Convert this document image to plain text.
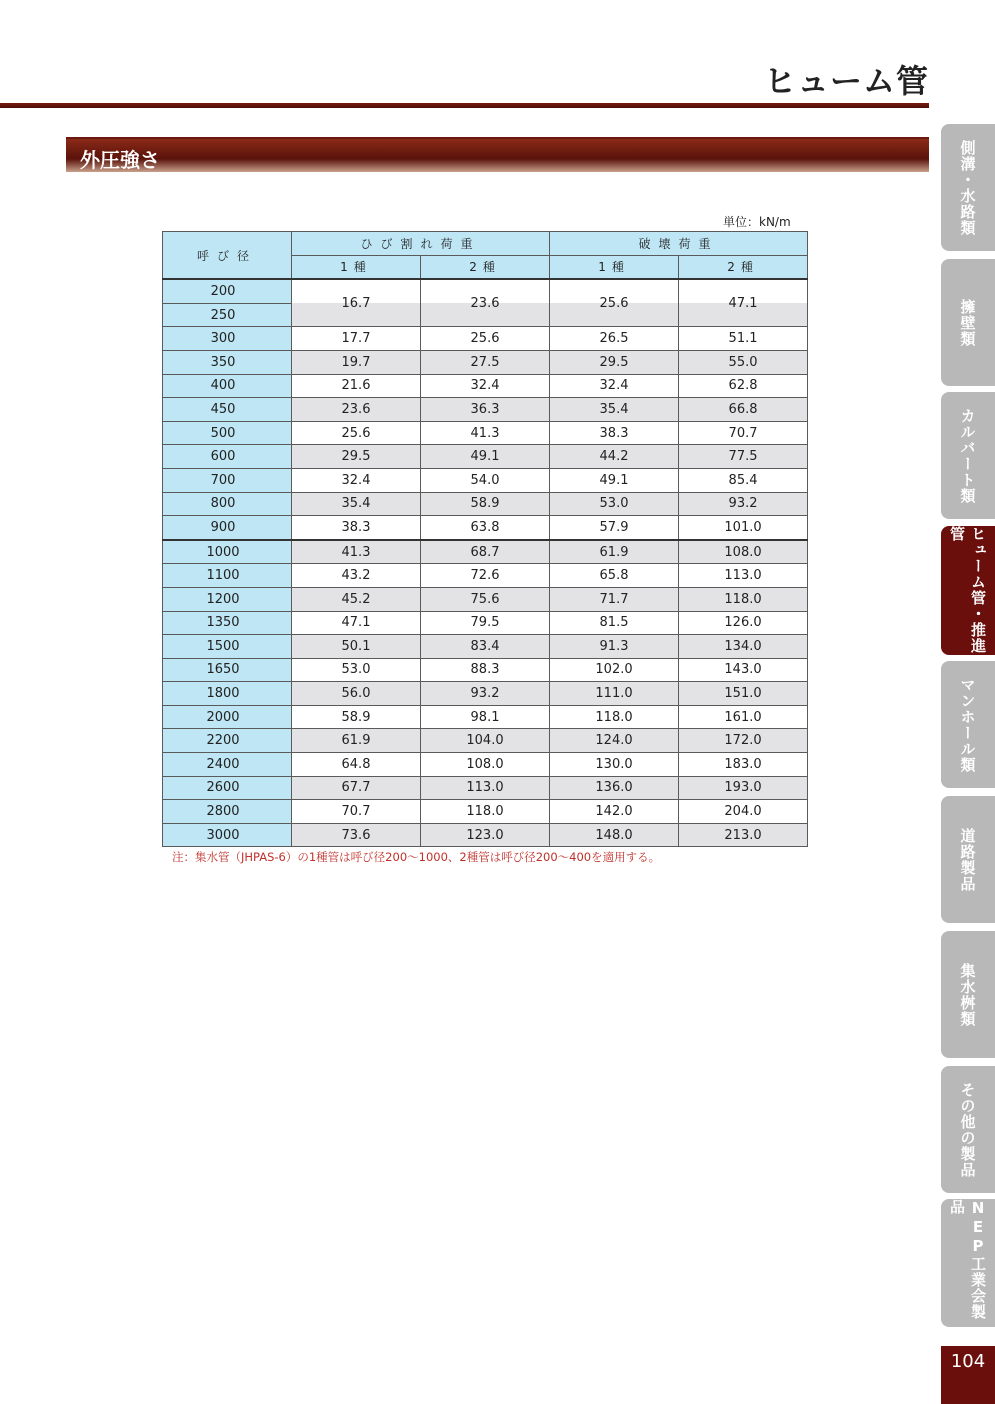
ヒューム管
外圧強さ
単位：kN/m
呼び径	ひび割れ荷重		破壊荷重	
	1種	2種	1種	2種
200	16.7	23.6	25.6	47.1
250				
300	17.7	25.6	26.5	51.1
350	19.7	27.5	29.5	55.0
400	21.6	32.4	32.4	62.8
450	23.6	36.3	35.4	66.8
500	25.6	41.3	38.3	70.7
600	29.5	49.1	44.2	77.5
700	32.4	54.0	49.1	85.4
800	35.4	58.9	53.0	93.2
900	38.3	63.8	57.9	101.0
1000	41.3	68.7	61.9	108.0
1100	43.2	72.6	65.8	113.0
1200	45.2	75.6	71.7	118.0
1350	47.1	79.5	81.5	126.0
1500	50.1	83.4	91.3	134.0
1650	53.0	88.3	102.0	143.0
1800	56.0	93.2	111.0	151.0
2000	58.9	98.1	118.0	161.0
2200	61.9	104.0	124.0	172.0
2400	64.8	108.0	130.0	183.0
2600	67.7	113.0	136.0	193.0
2800	70.7	118.0	142.0	204.0
3000	73.6	123.0	148.0	213.0
注：集水管（JHPAS-6）の1種管は呼び径200～1000、2種管は呼び径200～400を適用する。
側溝・水路類
擁壁類
カルバート類
ヒューム管・推進管
マンホール類
道路製品
集水桝類
その他の製品
NEP工業会製品
104
